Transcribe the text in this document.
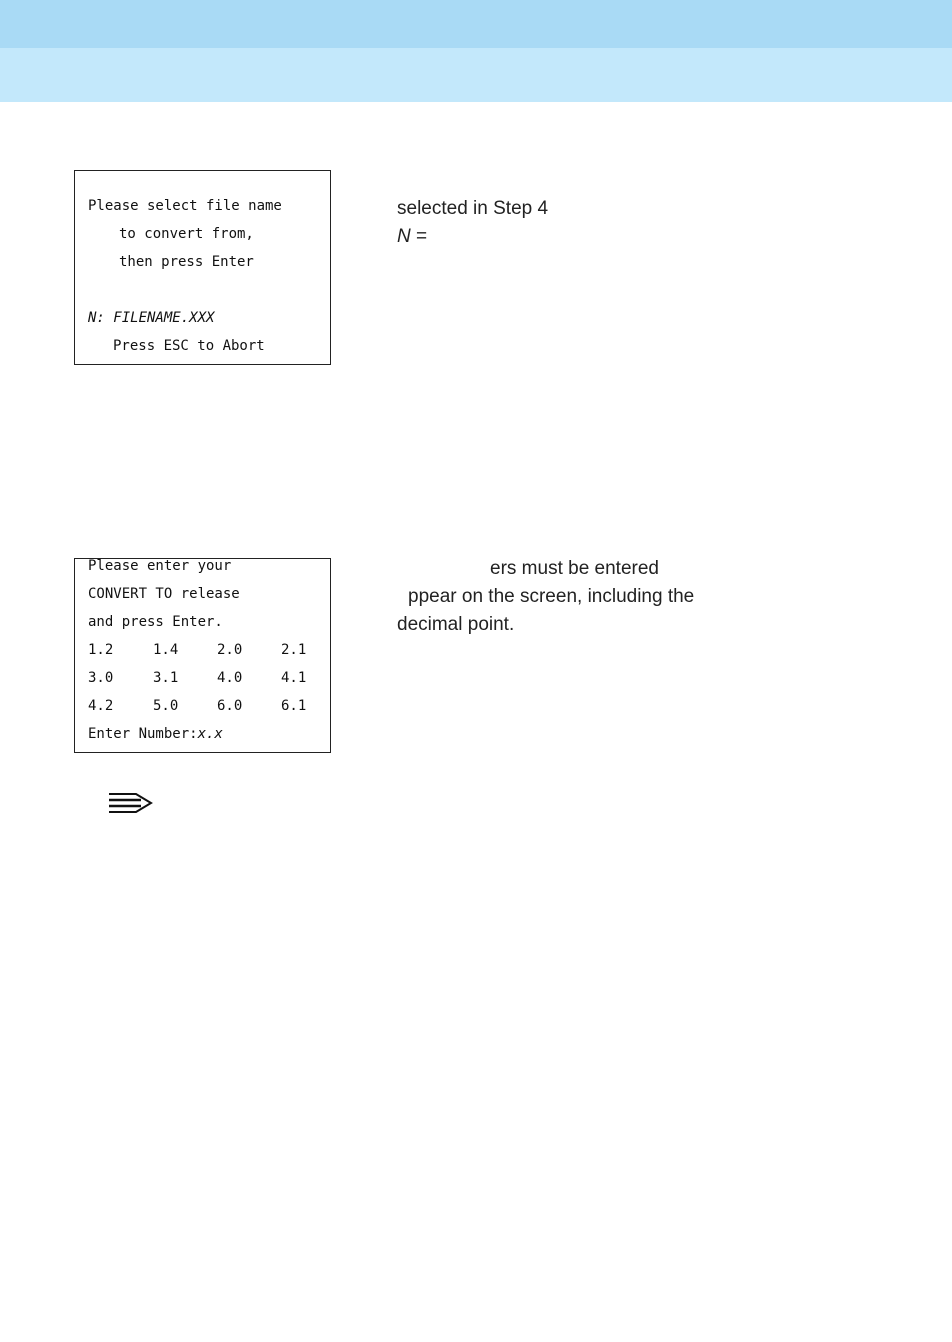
Please select file name
to convert from,
then press Enter
N: FILENAME.XXX
Press ESC to Abort
selected in Step 4
N =
Please enter your
CONVERT TO release
and press Enter.
1.2	1.4	2.0	2.1
3.0	3.1	4.0	4.1
4.2	5.0	6.0	6.1
Enter Number:x.x
ers must be entered
ppear on the screen, including the
decimal point.
